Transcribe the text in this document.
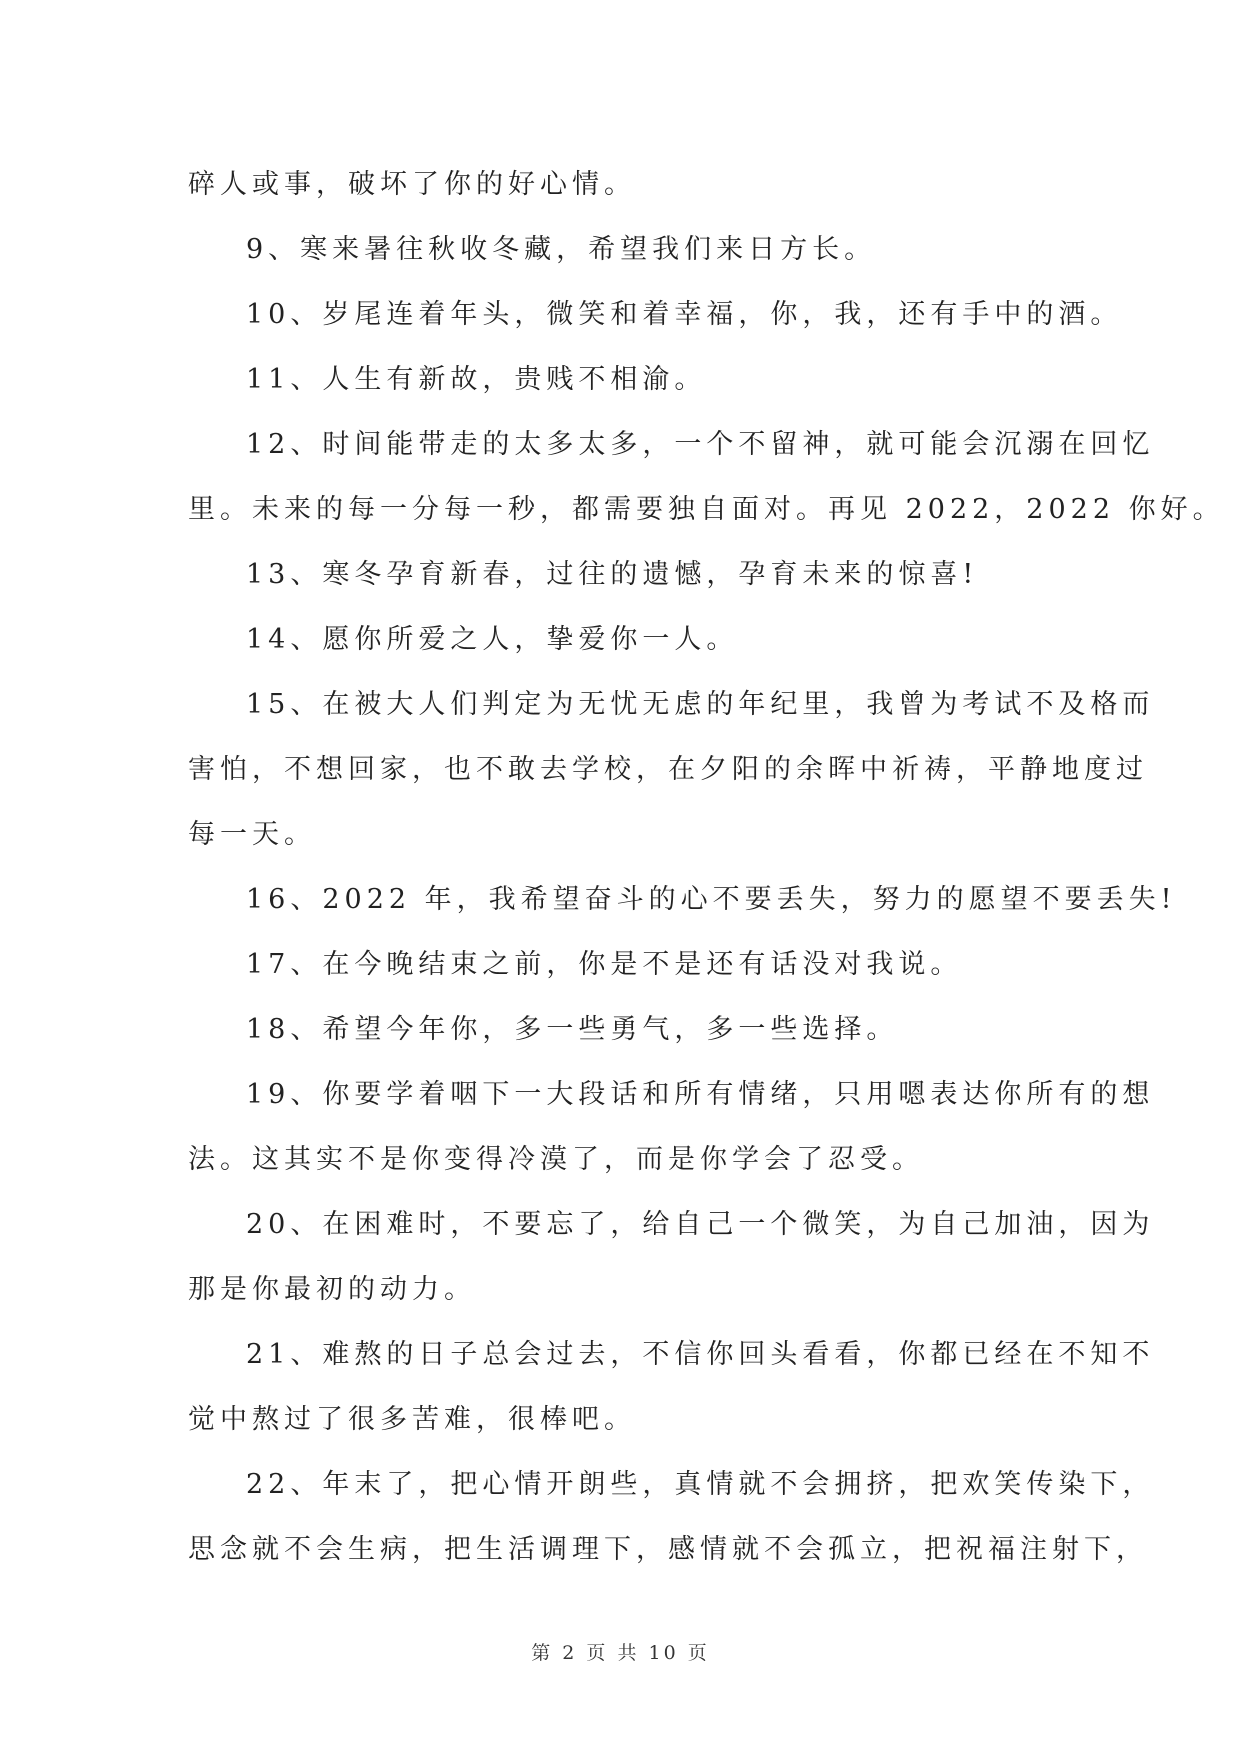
碎人或事，破坏了你的好心情。

9、寒来暑往秋收冬藏，希望我们来日方长。

10、岁尾连着年头，微笑和着幸福，你，我，还有手中的酒。

11、人生有新故，贵贱不相渝。

12、时间能带走的太多太多，一个不留神，就可能会沉溺在回忆

里。未来的每一分每一秒，都需要独自面对。再见 2022，2022 你好。

13、寒冬孕育新春，过往的遗憾，孕育未来的惊喜!

14、愿你所爱之人，挚爱你一人。

15、在被大人们判定为无忧无虑的年纪里，我曾为考试不及格而

害怕，不想回家，也不敢去学校，在夕阳的余晖中祈祷，平静地度过

每一天。

16、2022 年，我希望奋斗的心不要丢失，努力的愿望不要丢失!

17、在今晚结束之前，你是不是还有话没对我说。

18、希望今年你，多一些勇气，多一些选择。

19、你要学着咽下一大段话和所有情绪，只用嗯表达你所有的想

法。这其实不是你变得冷漠了，而是你学会了忍受。

20、在困难时，不要忘了，给自己一个微笑，为自己加油，因为

那是你最初的动力。

21、难熬的日子总会过去，不信你回头看看，你都已经在不知不

觉中熬过了很多苦难，很棒吧。

22、年末了，把心情开朗些，真情就不会拥挤，把欢笑传染下，

思念就不会生病，把生活调理下，感情就不会孤立，把祝福注射下，

第 2 页 共 10 页
